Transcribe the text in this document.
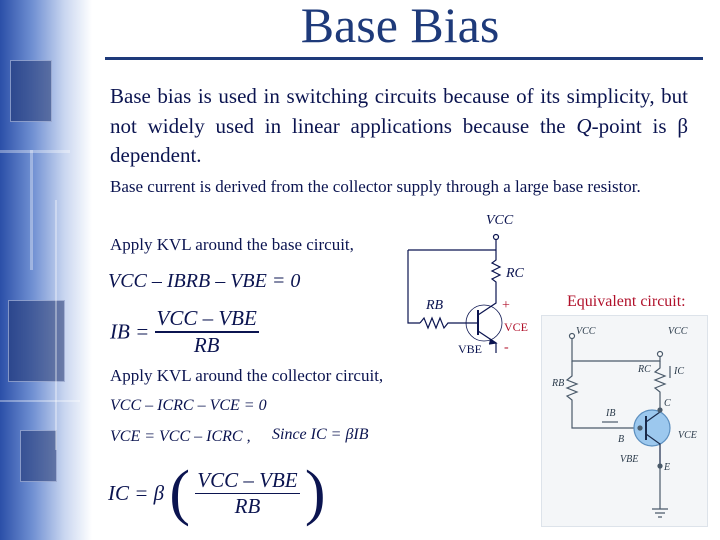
Base Bias
Base bias is used in switching circuits because of its simplicity, but not widely used in linear applications because the Q-point is β dependent.
Base current is derived from the collector supply through a large base resistor.
Apply KVL around the base circuit,
VCC – IBRB – VBE = 0
IB = $\frac{\text{VCC – VBE}}{RB}$
Apply KVL around the collector circuit,
VCC – ICRC – VCE = 0
VCE = VCC – ICRC , Since IC = βIB
IC = β ( $\frac{\text{VCC – VBE}}{RB}$ )
VCC
RC
RB	+
VCE
-
VBE
Equivalent circuit:
VCC	VCC
RB
RC IC
IB
B
C
E
VCE
VBE
